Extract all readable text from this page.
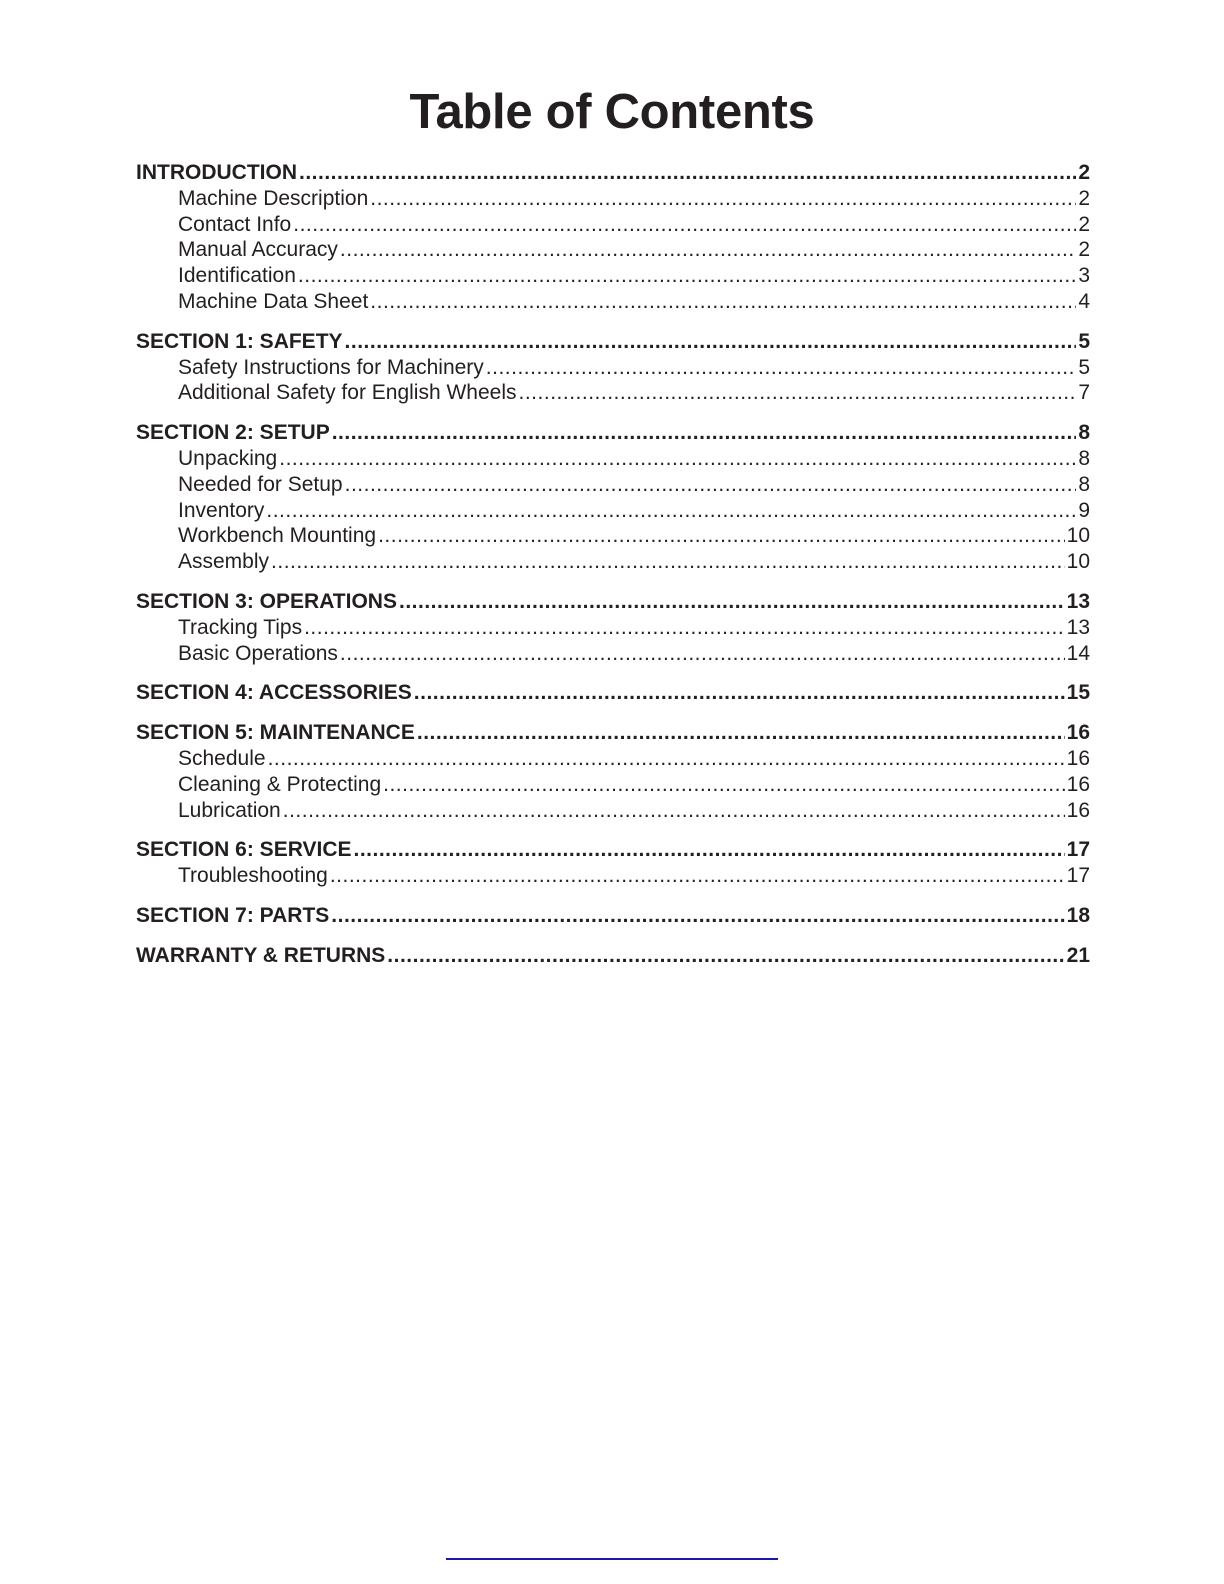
Table of Contents
INTRODUCTION .....	2
Machine Description .....	2
Contact Info .....	2
Manual Accuracy .....	2
Identification .....	3
Machine Data Sheet .....	4
SECTION 1: SAFETY .....	5
Safety Instructions for Machinery .....	5
Additional Safety for English Wheels .....	7
SECTION 2: SETUP .....	8
Unpacking .....	8
Needed for Setup .....	8
Inventory .....	9
Workbench Mounting .....	10
Assembly .....	10
SECTION 3: OPERATIONS .....	13
Tracking Tips .....	13
Basic Operations .....	14
SECTION 4: ACCESSORIES .....	15
SECTION 5: MAINTENANCE .....	16
Schedule .....	16
Cleaning & Protecting .....	16
Lubrication .....	16
SECTION 6: SERVICE .....	17
Troubleshooting .....	17
SECTION 7: PARTS .....	18
WARRANTY & RETURNS .....	21
